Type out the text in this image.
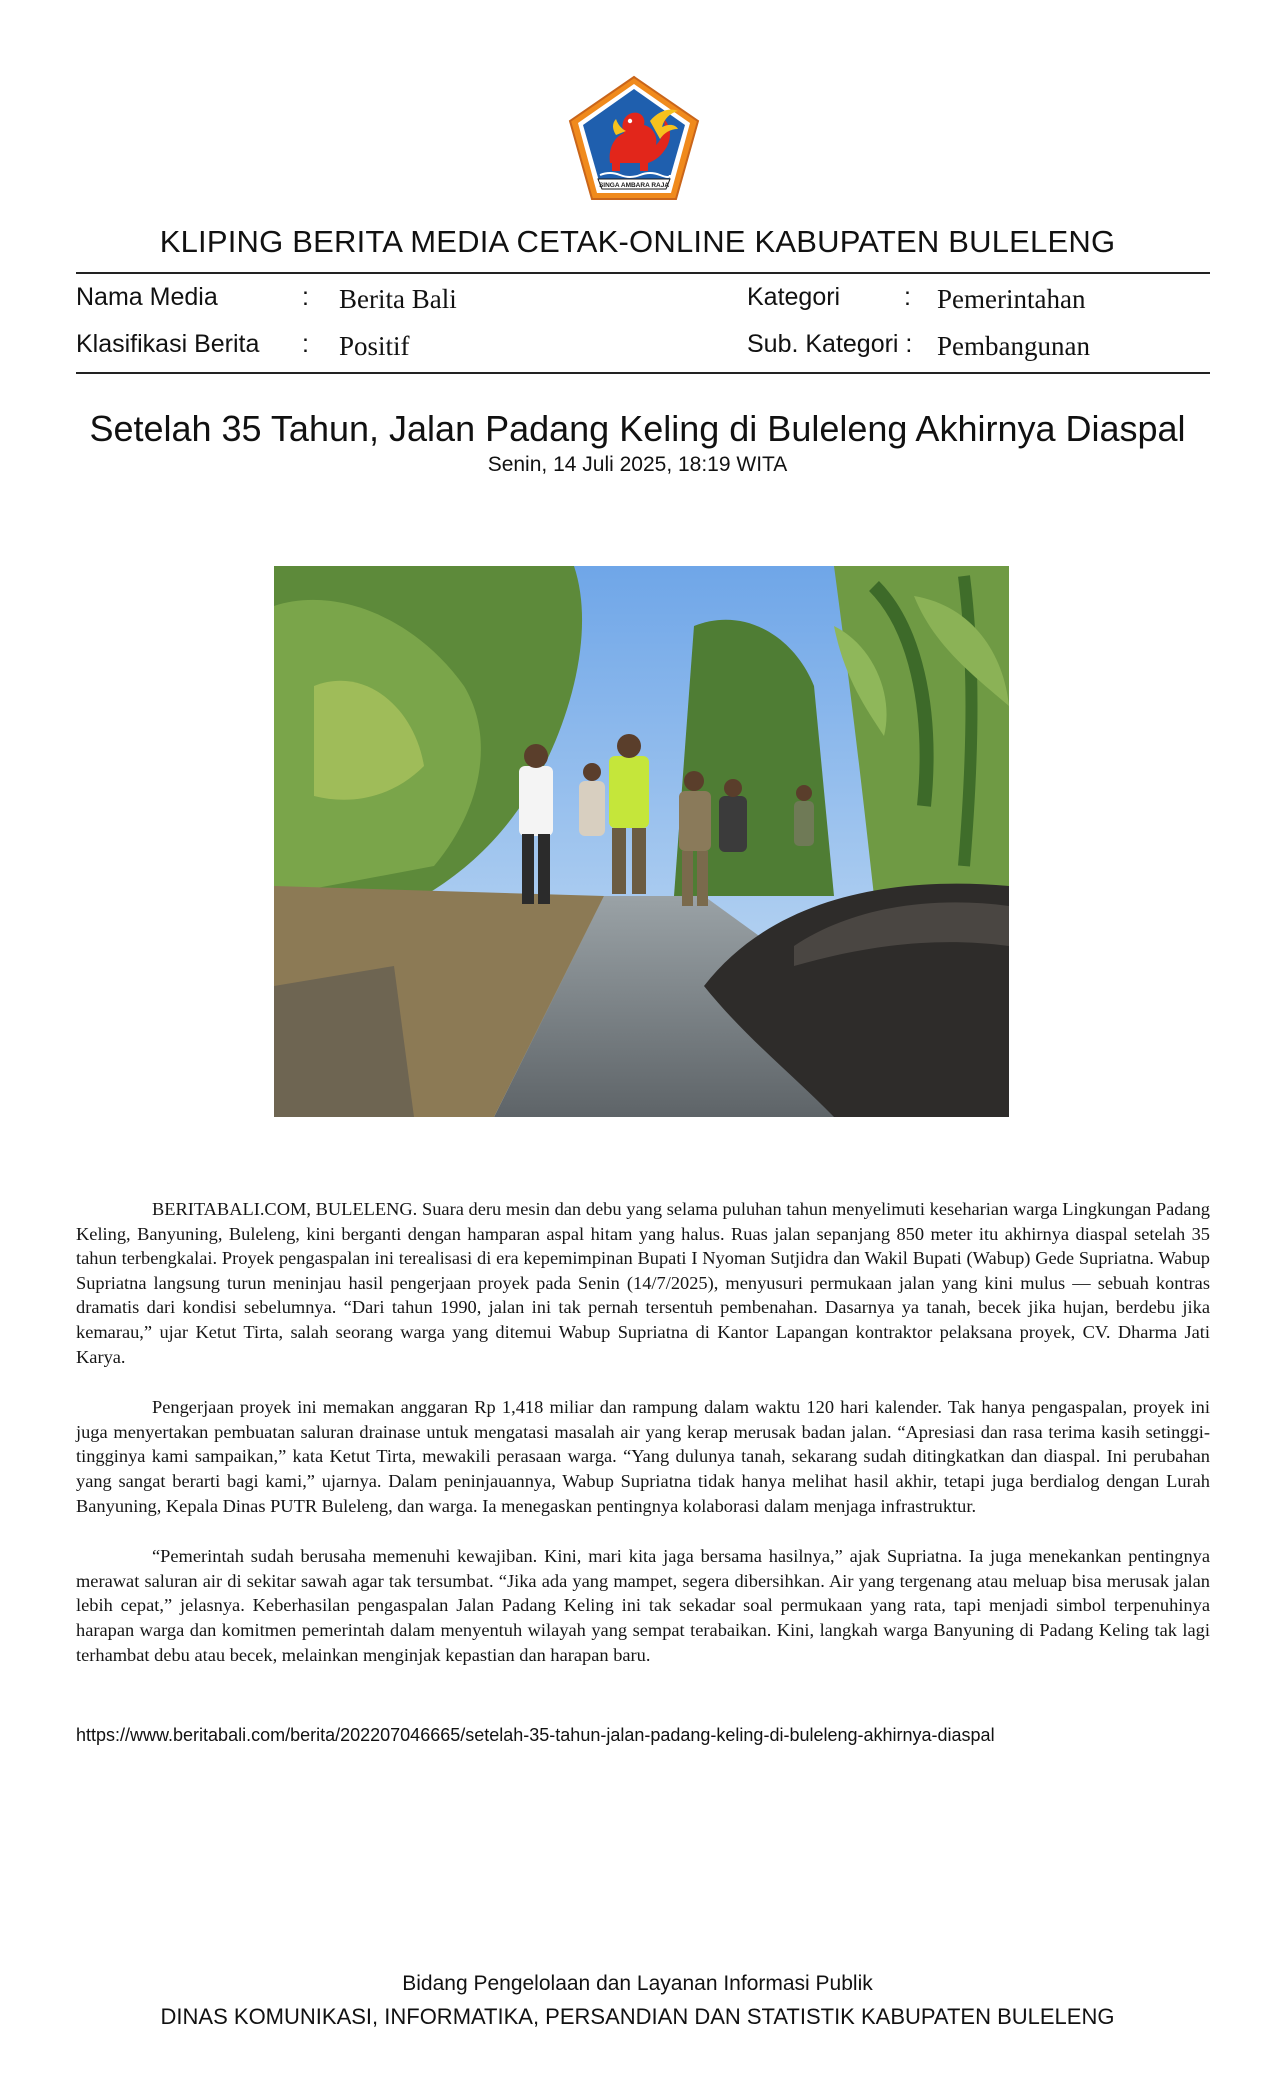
SINGA AMBARA RAJA
KLIPING BERITA MEDIA CETAK-ONLINE KABUPATEN BULELENG
Nama Media	: Berita Bali
Klasifikasi Berita : Positif
Kategori	: Pemerintahan
Sub. Kategori : Pembangunan
Setelah 35 Tahun, Jalan Padang Keling di Buleleng Akhirnya Diaspal
Senin, 14 Juli 2025, 18:19 WITA

BERITABALI.COM, BULELENG. Suara deru mesin dan debu yang selama puluhan tahun menyelimuti keseharian warga Lingkungan Padang Keling, Banyuning, Buleleng, kini berganti dengan hamparan aspal hitam yang halus. Ruas jalan sepanjang 850 meter itu akhirnya diaspal setelah 35 tahun terbengkalai. Proyek pengaspalan ini terealisasi di era kepemimpinan Bupati I Nyoman Sutjidra dan Wakil Bupati (Wabup) Gede Supriatna. Wabup Supriatna langsung turun meninjau hasil pengerjaan proyek pada Senin (14/7/2025), menyusuri permukaan jalan yang kini mulus — sebuah kontras dramatis dari kondisi sebelumnya. “Dari tahun 1990, jalan ini tak pernah tersentuh pembenahan. Dasarnya ya tanah, becek jika hujan, berdebu jika kemarau,” ujar Ketut Tirta, salah seorang warga yang ditemui Wabup Supriatna di Kantor Lapangan kontraktor pelaksana proyek, CV. Dharma Jati Karya.

Pengerjaan proyek ini memakan anggaran Rp 1,418 miliar dan rampung dalam waktu 120 hari kalender. Tak hanya pengaspalan, proyek ini juga menyertakan pembuatan saluran drainase untuk mengatasi masalah air yang kerap merusak badan jalan. “Apresiasi dan rasa terima kasih setinggi-tingginya kami sampaikan,” kata Ketut Tirta, mewakili perasaan warga. “Yang dulunya tanah, sekarang sudah ditingkatkan dan diaspal. Ini perubahan yang sangat berarti bagi kami,” ujarnya. Dalam peninjauannya, Wabup Supriatna tidak hanya melihat hasil akhir, tetapi juga berdialog dengan Lurah Banyuning, Kepala Dinas PUTR Buleleng, dan warga. Ia menegaskan pentingnya kolaborasi dalam menjaga infrastruktur.

“Pemerintah sudah berusaha memenuhi kewajiban. Kini, mari kita jaga bersama hasilnya,” ajak Supriatna. Ia juga menekankan pentingnya merawat saluran air di sekitar sawah agar tak tersumbat. “Jika ada yang mampet, segera dibersihkan. Air yang tergenang atau meluap bisa merusak jalan lebih cepat,” jelasnya. Keberhasilan pengaspalan Jalan Padang Keling ini tak sekadar soal permukaan yang rata, tapi menjadi simbol terpenuhinya harapan warga dan komitmen pemerintah dalam menyentuh wilayah yang sempat terabaikan. Kini, langkah warga Banyuning di Padang Keling tak lagi terhambat debu atau becek, melainkan menginjak kepastian dan harapan baru.

https://www.beritabali.com/berita/202207046665/setelah-35-tahun-jalan-padang-keling-di-buleleng-akhirnya-diaspal
Bidang Pengelolaan dan Layanan Informasi Publik
DINAS KOMUNIKASI, INFORMATIKA, PERSANDIAN DAN STATISTIK KABUPATEN BULELENG
